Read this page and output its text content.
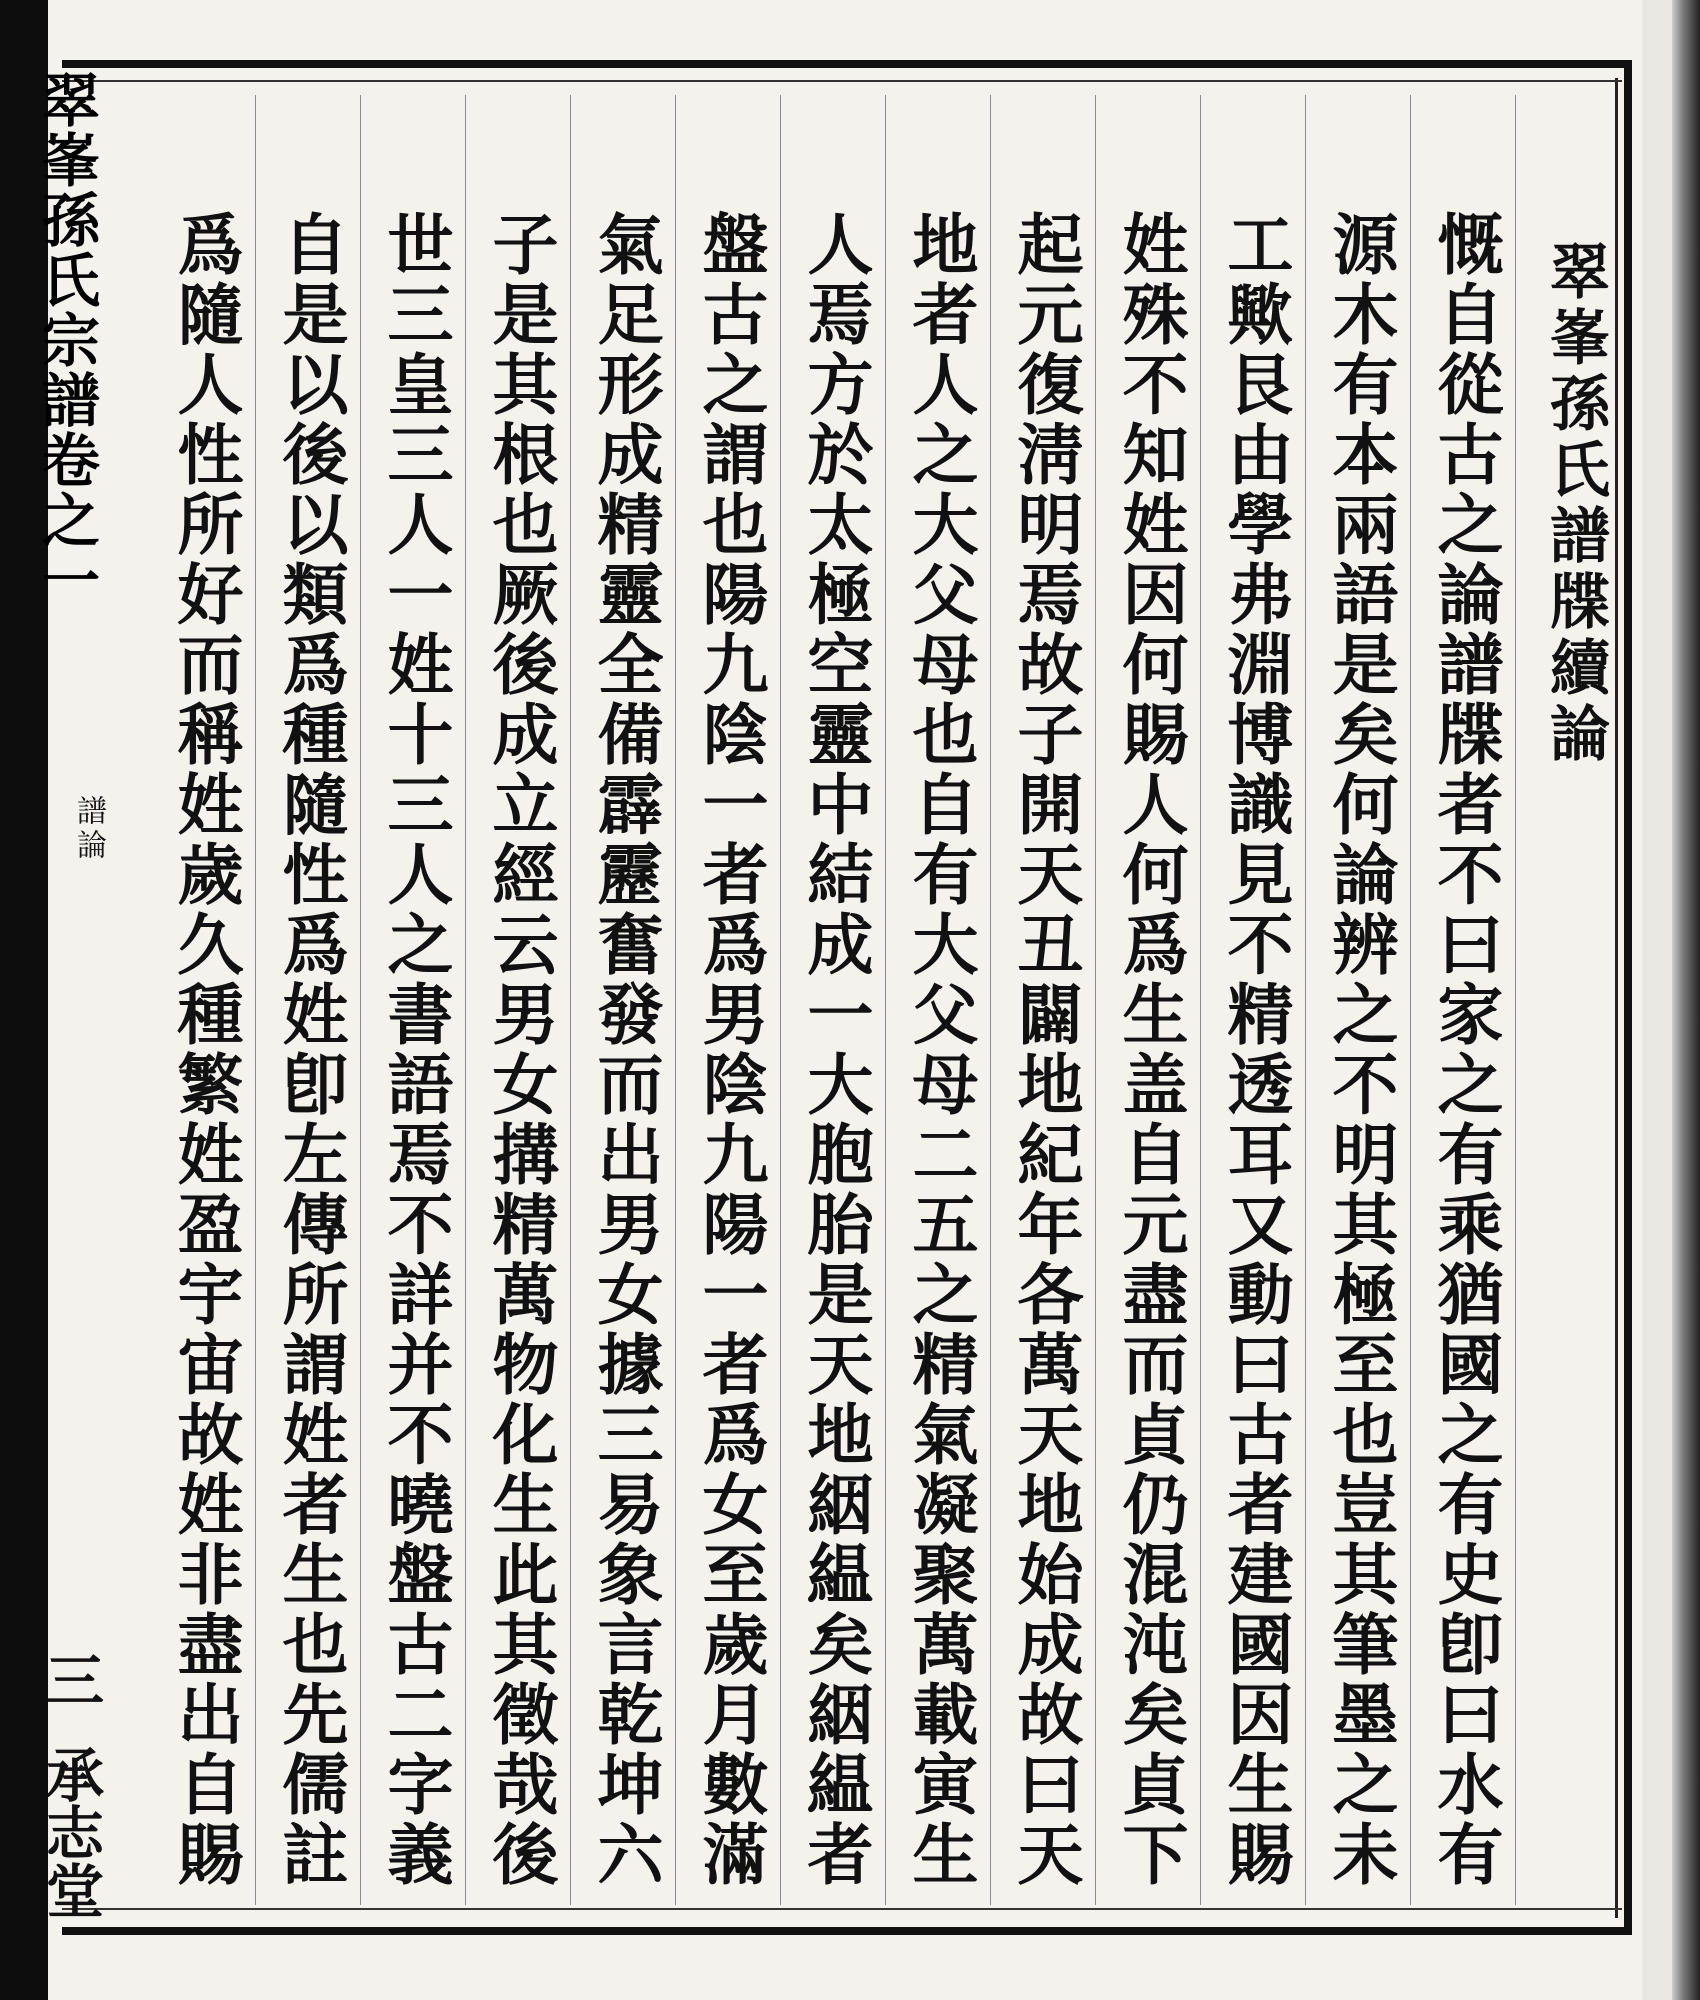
翠峯孫氏宗譜卷之一
譜論
三
承志堂
翠峯孫氏譜牒續論
慨自從古之論譜牒者不曰家之有乘猶國之有史卽曰水有
源木有本兩語是矣何論辨之不明其極至也豈其筆墨之未
工歟艮由學弗淵博識見不精透耳又動曰古者建國因生賜
姓殊不知姓因何賜人何爲生盖自元盡而貞仍混沌矣貞下
起元復淸明焉故子開天丑闢地紀年各萬天地始成故曰天
地者人之大父母也自有大父母二五之精氣凝聚萬載寅生
人焉方於太極空靈中結成一大胞胎是天地絪緼矣絪緼者
盤古之謂也陽九陰一者爲男陰九陽一者爲女至歲月數滿
氣足形成精靈全備霹靂奮發而出男女據三易象言乾坤六
子是其根也厥後成立經云男女搆精萬物化生此其徵哉後
世三皇三人一姓十三人之書語焉不詳并不曉盤古二字義
自是以後以類爲種隨性爲姓卽左傳所謂姓者生也先儒註
爲隨人性所好而稱姓歲久種繁姓盈宇宙故姓非盡出自賜
